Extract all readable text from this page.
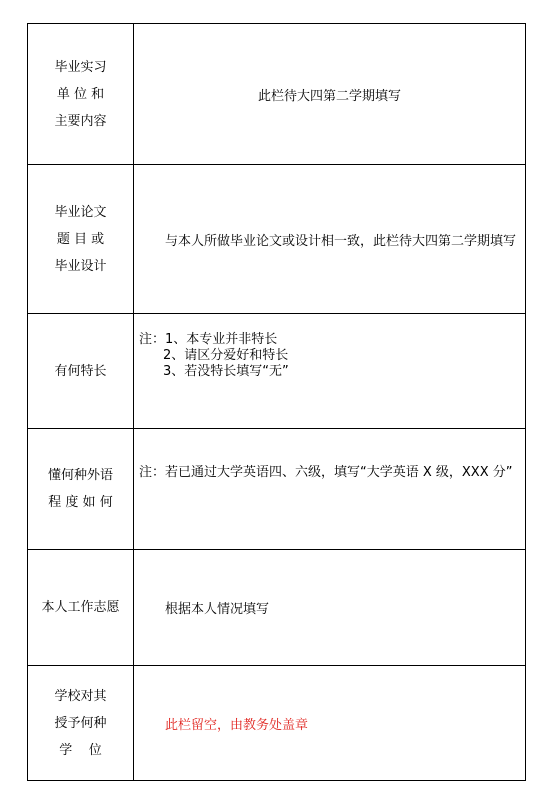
毕业实习
单 位 和
主要内容	此栏待大四第二学期填写

毕业论文
题 目 或
毕业设计	与本人所做毕业论文或设计相一致，此栏待大四第二学期填写

有何特长	注：1、本专业并非特长
2、请区分爱好和特长
3、若没特长填写“无”

懂何种外语
程 度 如 何	注：若已通过大学英语四、六级，填写“大学英语 X 级，XXX 分”

本人工作志愿	根据本人情况填写

学校对其
授予何种
学    位	此栏留空，由教务处盖章
